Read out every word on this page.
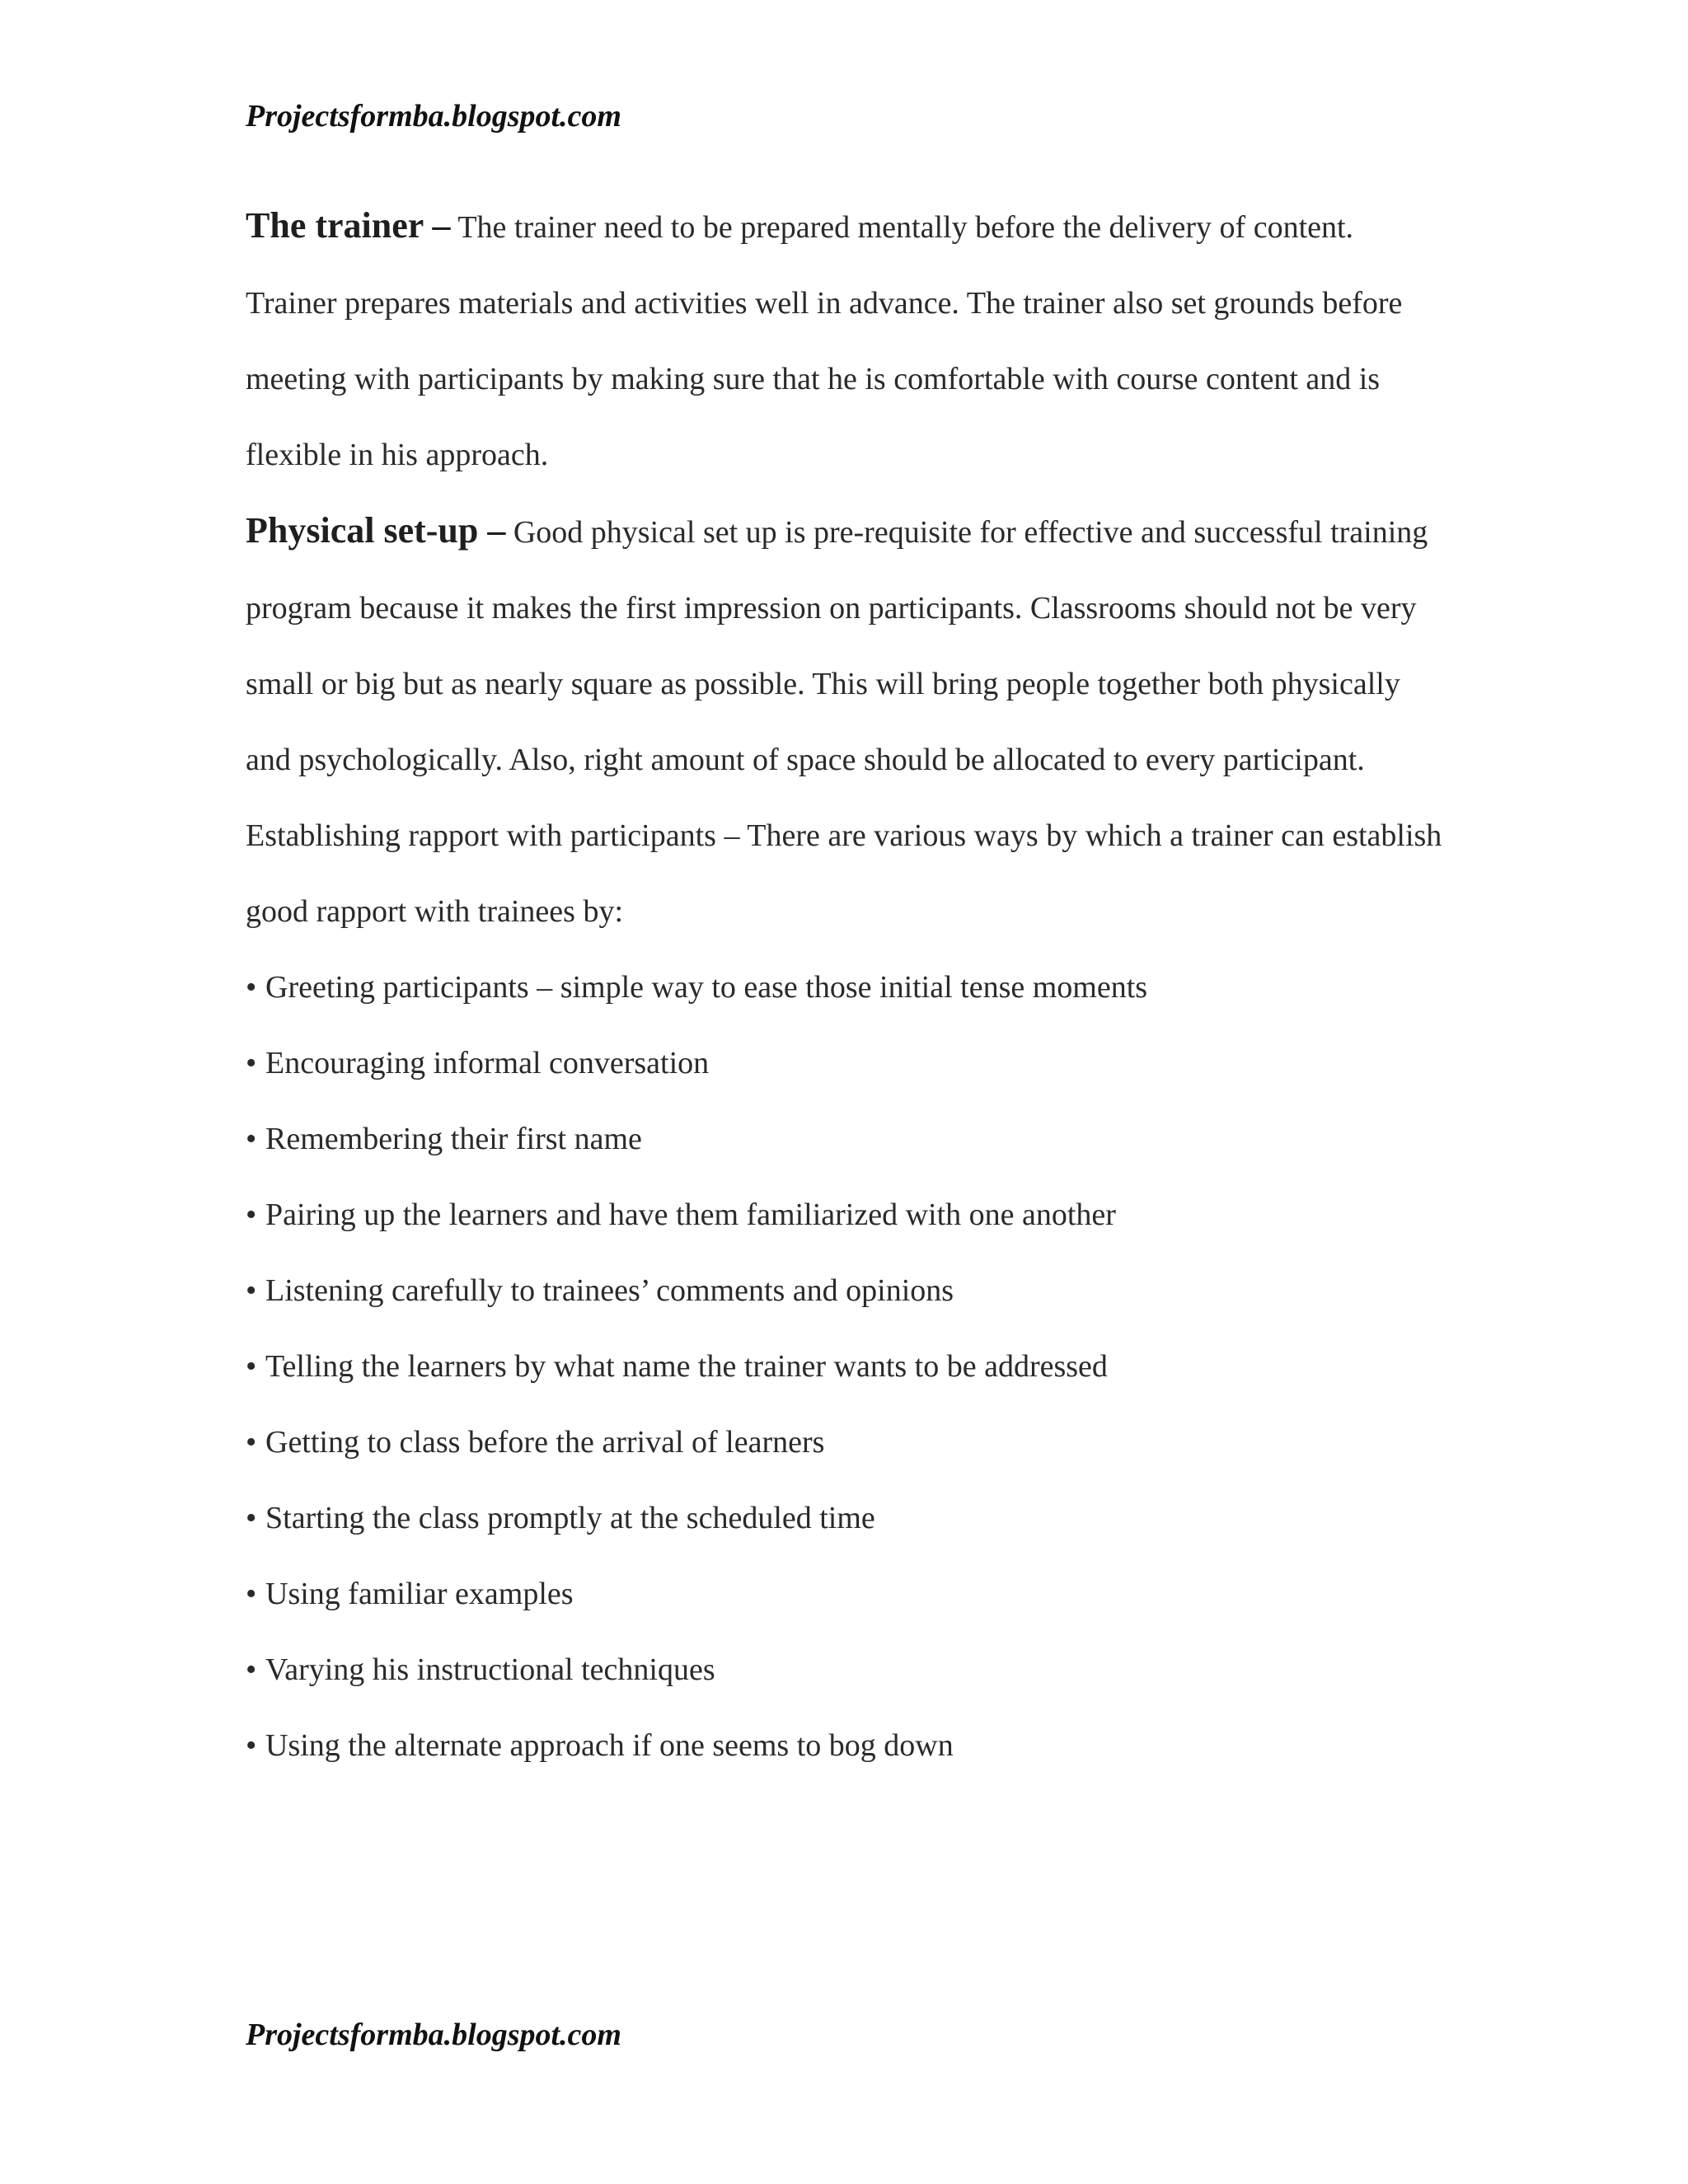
Projectsformba.blogspot.com

The trainer – The trainer need to be prepared mentally before the delivery of content. Trainer prepares materials and activities well in advance. The trainer also set grounds before meeting with participants by making sure that he is comfortable with course content and is flexible in his approach.

Physical set-up – Good physical set up is pre-requisite for effective and successful training program because it makes the first impression on participants. Classrooms should not be very small or big but as nearly square as possible. This will bring people together both physically and psychologically. Also, right amount of space should be allocated to every participant.

Establishing rapport with participants – There are various ways by which a trainer can establish good rapport with trainees by:

• Greeting participants – simple way to ease those initial tense moments
• Encouraging informal conversation
• Remembering their first name
• Pairing up the learners and have them familiarized with one another
• Listening carefully to trainees’ comments and opinions
• Telling the learners by what name the trainer wants to be addressed
• Getting to class before the arrival of learners
• Starting the class promptly at the scheduled time
• Using familiar examples
• Varying his instructional techniques
• Using the alternate approach if one seems to bog down
Projectsformba.blogspot.com
